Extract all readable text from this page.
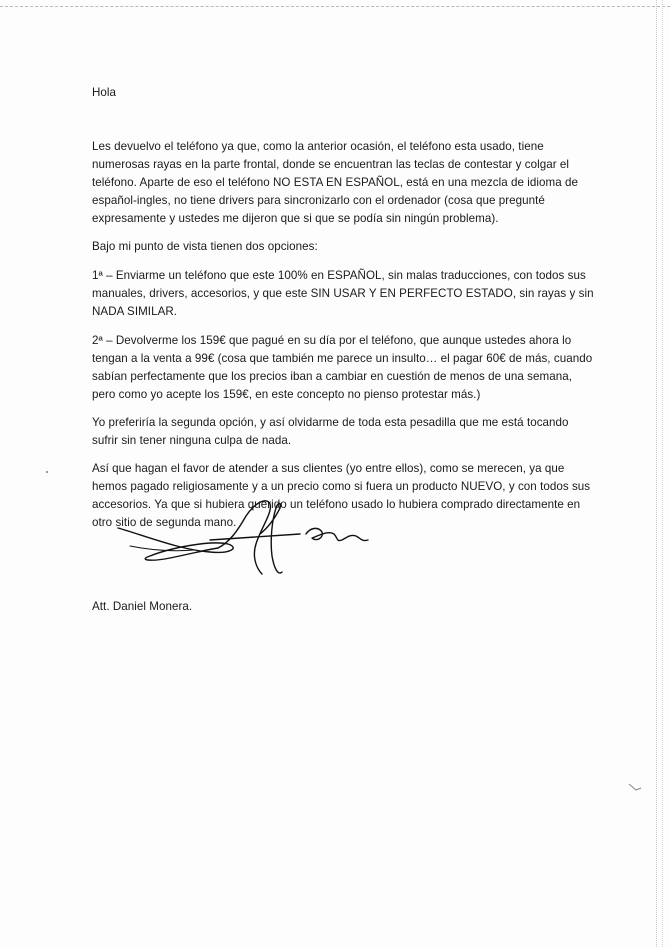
Hola

Les devuelvo el teléfono ya que, como la anterior ocasión, el teléfono esta usado, tiene
numerosas rayas en la parte frontal, donde se encuentran las teclas de contestar y colgar el
teléfono. Aparte de eso el teléfono NO ESTA EN ESPAÑOL, está en una mezcla de idioma de
español-ingles, no tiene drivers para sincronizarlo con el ordenador (cosa que pregunté
expresamente y ustedes me dijeron que si que se podía sin ningún problema).

Bajo mi punto de vista tienen dos opciones:

1ª – Enviarme un teléfono que este 100% en ESPAÑOL, sin malas traducciones, con todos sus
manuales, drivers, accesorios, y que este SIN USAR Y EN PERFECTO ESTADO, sin rayas y sin
NADA SIMILAR.

2ª – Devolverme los 159€ que pagué en su día por el teléfono, que aunque ustedes ahora lo
tengan a la venta a 99€ (cosa que también me parece un insulto… el pagar 60€ de más, cuando
sabían perfectamente que los precios iban a cambiar en cuestión de menos de una semana,
pero como yo acepte los 159€, en este concepto no pienso protestar más.)

Yo preferiría la segunda opción, y así olvidarme de toda esta pesadilla que me está tocando
sufrir sin tener ninguna culpa de nada.

Así que hagan el favor de atender a sus clientes (yo entre ellos), como se merecen, ya que
hemos pagado religiosamente y a un precio como si fuera un producto NUEVO, y con todos sus
accesorios. Ya que si hubiera querido un teléfono usado lo hubiera comprado directamente en
otro sitio de segunda mano.

Att. Daniel Monera.
